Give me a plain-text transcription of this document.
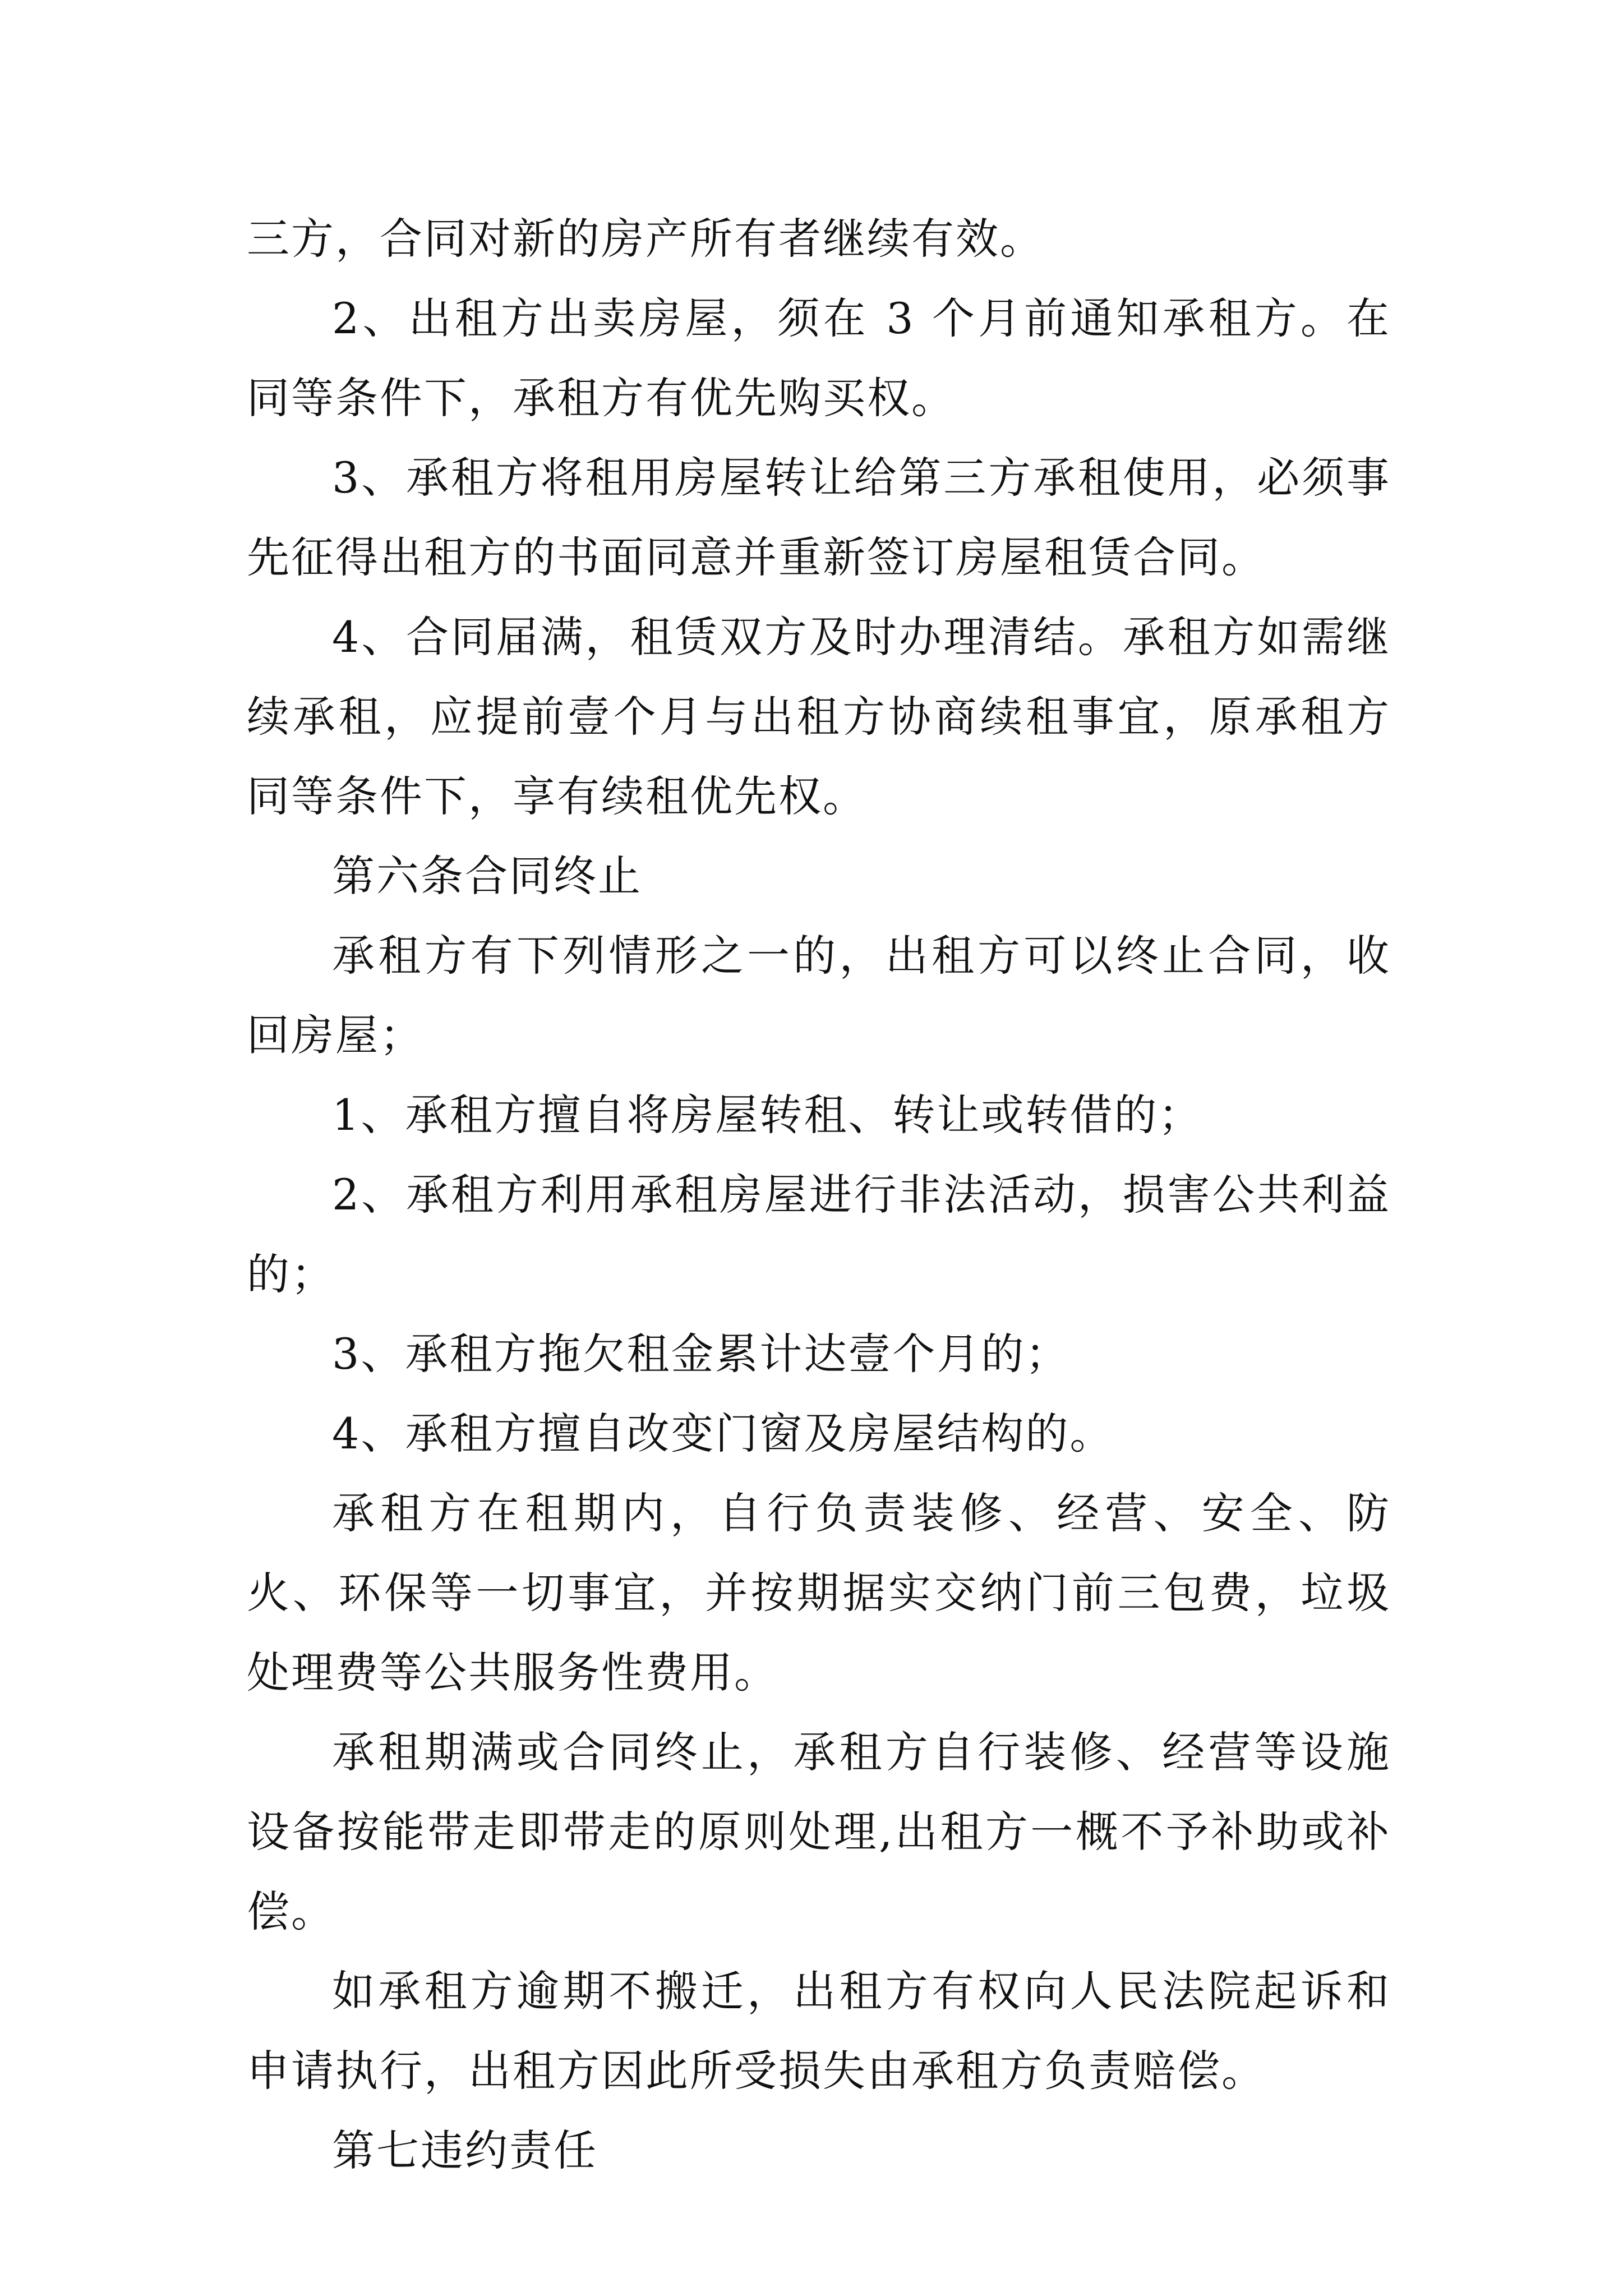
三方，合同对新的房产所有者继续有效。

2、出租方出卖房屋，须在 3 个月前通知承租方。在同等条件下，承租方有优先购买权。

3、承租方将租用房屋转让给第三方承租使用，必须事先征得出租方的书面同意并重新签订房屋租赁合同。

4、合同届满，租赁双方及时办理清结。承租方如需继续承租，应提前壹个月与出租方协商续租事宜，原承租方同等条件下，享有续租优先权。

第六条合同终止

承租方有下列情形之一的，出租方可以终止合同，收回房屋；

1、承租方擅自将房屋转租、转让或转借的；

2、承租方利用承租房屋进行非法活动，损害公共利益的；

3、承租方拖欠租金累计达壹个月的；

4、承租方擅自改变门窗及房屋结构的。

承租方在租期内，自行负责装修、经营、安全、防火、环保等一切事宜，并按期据实交纳门前三包费，垃圾处理费等公共服务性费用。

承租期满或合同终止，承租方自行装修、经营等设施设备按能带走即带走的原则处理,出租方一概不予补助或补偿。

如承租方逾期不搬迁，出租方有权向人民法院起诉和申请执行，出租方因此所受损失由承租方负责赔偿。

第七违约责任
